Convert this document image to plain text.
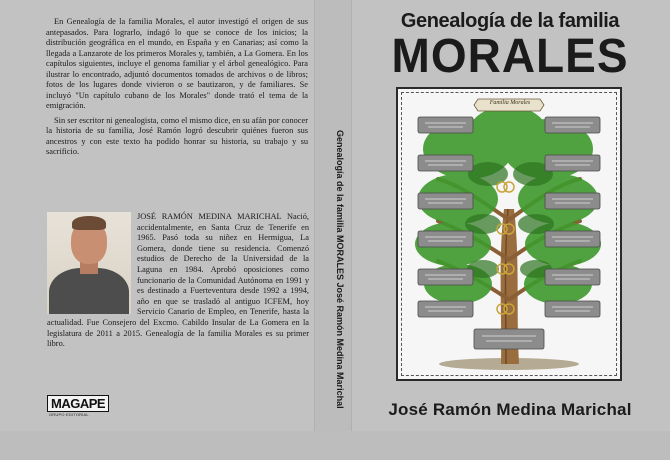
En Genealogía de la familia Morales, el autor investigó el origen de sus antepasados. Para lograrlo, indagó lo que se conoce de los inicios; la distribución geográfica en el mundo, en España y en Canarias; así como la llegada a Lanzarote de los primeros Morales y, también, a La Gomera. En los capítulos siguientes, incluye el genoma familiar y el árbol genealógico. Para ilustrar lo encontrado, adjuntó documentos tomados de archivos o de libros; fotos de los lugares donde vivieron o se bautizaron, y de familiares. Se incluyó "Un capítulo cubano de los Morales" donde trató el tema de la emigración.

Sin ser escritor ni genealogista, como el mismo dice, en su afán por conocer la historia de su familia, José Ramón logró descubrir quiénes fueron sus ancestros y con este texto ha podido honrar su historia, su trabajo y su sacrificio.

JOSÉ RAMÓN MEDINA MARICHAL Nació, accidentalmente, en Santa Cruz de Tenerife en 1965. Pasó toda su niñez en Hermigua, La Gomera, donde tiene su residencia. Comenzó estudios de Derecho de la Universidad de la Laguna en 1984. Aprobó oposiciones como funcionario de la Comunidad Autónoma en 1991 y es destinado a Fuerteventura desde 1992 a 1994, año en que se trasladó al antiguo ICFEM, hoy Servicio Canario de Empleo, en Tenerife, hasta la actualidad. Fue Consejero del Excmo. Cabildo Insular de La Gomera en la legislatura de 2011 a 2015. Genealogía de la familia Morales es su primer libro.

MAGAPE
GRUPO EDITORIAL
Genealogía de la familia MORALES José Ramón Medina Marichal
Genealogía de la familia
MORALES
Familia Morales
José Ramón Medina Marichal
